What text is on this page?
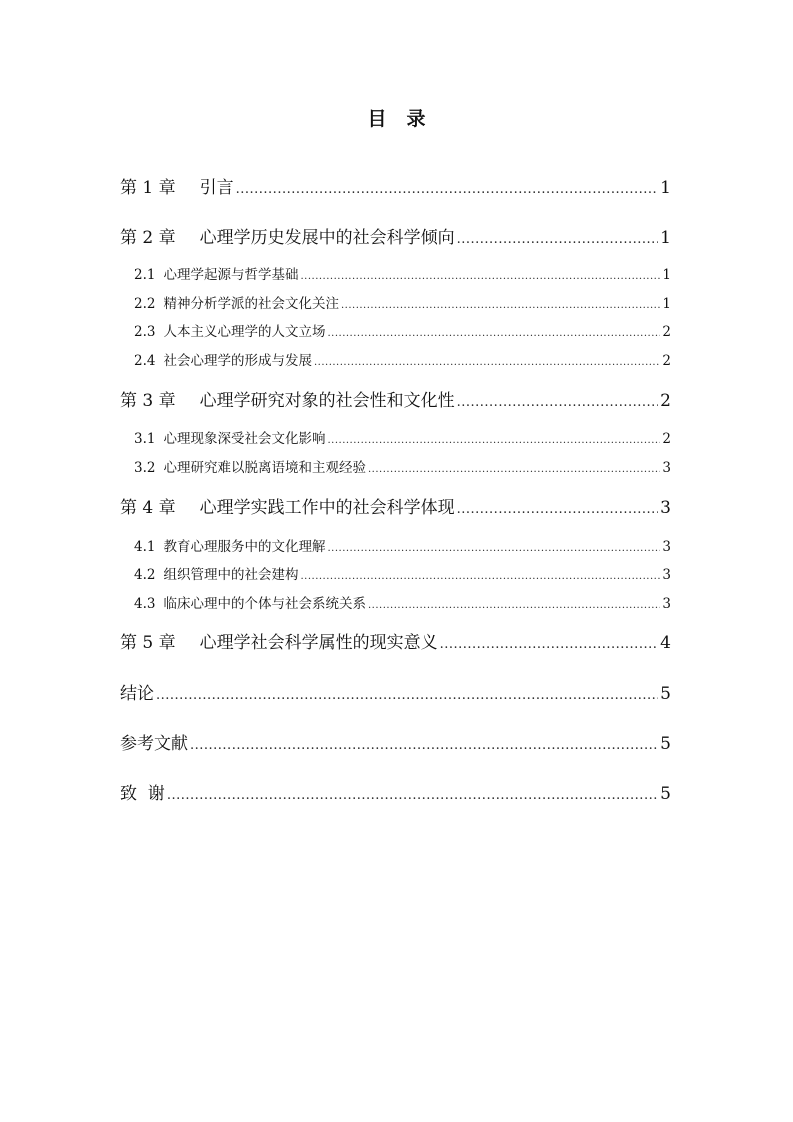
目 录
第 1 章 引言 .....	1
第 2 章 心理学历史发展中的社会科学倾向 .....	1
2.1 心理学起源与哲学基础 .....	1
2.2 精神分析学派的社会文化关注 .....	1
2.3 人本主义心理学的人文立场 .....	2
2.4 社会心理学的形成与发展 .....	2
第 3 章 心理学研究对象的社会性和文化性 .....	2
3.1 心理现象深受社会文化影响 .....	2
3.2 心理研究难以脱离语境和主观经验 .....	3
第 4 章 心理学实践工作中的社会科学体现 .....	3
4.1 教育心理服务中的文化理解 .....	3
4.2 组织管理中的社会建构 .....	3
4.3 临床心理中的个体与社会系统关系 .....	3
第 5 章 心理学社会科学属性的现实意义 .....	4
结论 .....	5
参考文献 .....	5
致  谢 .....	5
